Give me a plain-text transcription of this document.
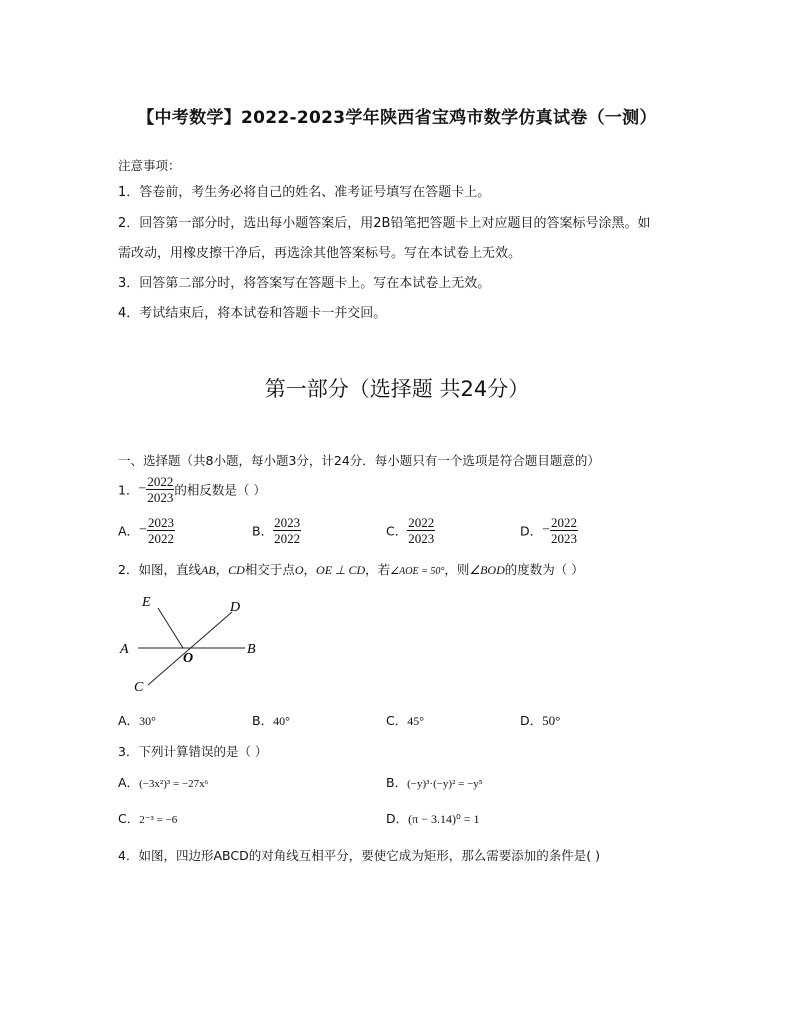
【中考数学】2022-2023学年陕西省宝鸡市数学仿真试卷（一测）
注意事项：
1．答卷前，考生务必将自己的姓名、准考证号填写在答题卡上。
2．回答第一部分时，选出每小题答案后，用2B铅笔把答题卡上对应题目的答案标号涂黑。如
需改动，用橡皮擦干净后，再选涂其他答案标号。写在本试卷上无效。
3．回答第二部分时，将答案写在答题卡上。写在本试卷上无效。
4．考试结束后，将本试卷和答题卡一并交回。
第一部分（选择题 共24分）
一、选择题（共8小题，每小题3分，计24分．每小题只有一个选项是符合题目题意的）
1．− $\frac{2022}{2023}$ 的相反数是（ ）
A．− $\frac{2023}{2022}$	B． $\frac{2023}{2022}$	C． $\frac{2022}{2023}$	D．− $\frac{2022}{2023}$
2．如图，直线AB，CD相交于点O，OE ⊥ CD，若∠AOE = 50°，则∠BOD的度数为（ ）
E	D
A
O
B
C
A．30°	B．40°	C．45°	D．50°
3．下列计算错误的是（ ）
A．(−3x²)³ = −27x⁶	B．(−y)³·(−y)² = −y⁵
C．2⁻³ = −6	D．(π − 3.14)⁰ = 1
4．如图，四边形ABCD的对角线互相平分，要使它成为矩形，那么需要添加的条件是( )
